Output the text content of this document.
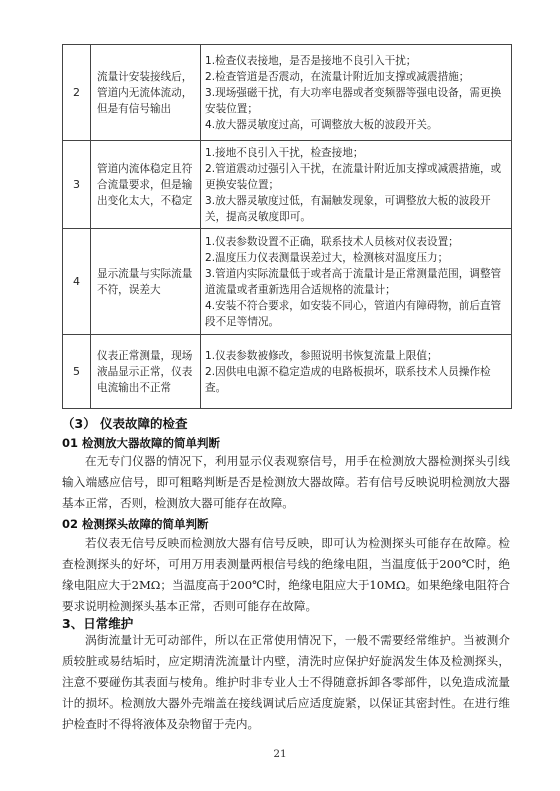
2	流量计安装接线后，管道内无流体流动，但是有信号输出	1.检查仪表接地，是否是接地不良引入干扰；
2.检查管道是否震动，在流量计附近加支撑或减震措施；
3.现场强磁干扰，有大功率电器或者变频器等强电设备，需更换安装位置；
4.放大器灵敏度过高，可调整放大板的波段开关。

3	管道内流体稳定且符合流量要求，但是输出变化太大，不稳定	1.接地不良引入干扰，检查接地；
2.管道震动过强引入干扰，在流量计附近加支撑或减震措施，或更换安装位置；
3.放大器灵敏度过低，有漏触发现象，可调整放大板的波段开关，提高灵敏度即可。

4	显示流量与实际流量不符，误差大	1.仪表参数设置不正确，联系技术人员核对仪表设置；
2.温度压力仪表测量误差过大，检测核对温度压力；
3.管道内实际流量低于或者高于流量计是正常测量范围，调整管道流量或者重新选用合适规格的流量计；
4.安装不符合要求，如安装不同心，管道内有障碍物，前后直管段不足等情况。

5	仪表正常测量，现场液晶显示正常，仪表电流输出不正常	1.仪表参数被修改，参照说明书恢复流量上限值；
2.因供电电源不稳定造成的电路板损坏，联系技术人员操作检查。
（3） 仪表故障的检查
01 检测放大器故障的简单判断
在无专门仪器的情况下，利用显示仪表观察信号，用手在检测放大器检测探头引线输入端感应信号，即可粗略判断是否是检测放大器故障。若有信号反映说明检测放大器基本正常，否则，检测放大器可能存在故障。
02 检测探头故障的简单判断
若仪表无信号反映而检测放大器有信号反映，即可认为检测探头可能存在故障。检查检测探头的好坏，可用万用表测量两根信号线的绝缘电阻，当温度低于200℃时，绝缘电阻应大于2MΩ；当温度高于200℃时，绝缘电阻应大于10MΩ。如果绝缘电阻符合要求说明检测探头基本正常，否则可能存在故障。
3、日常维护
涡街流量计无可动部件，所以在正常使用情况下，一般不需要经常维护。当被测介质较脏或易结垢时，应定期清洗流量计内壁，清洗时应保护好旋涡发生体及检测探头，注意不要碰伤其表面与棱角。维护时非专业人士不得随意拆卸各零部件，以免造成流量计的损坏。检测放大器外壳端盖在接线调试后应适度旋紧，以保证其密封性。在进行维护检查时不得将液体及杂物留于壳内。
21
